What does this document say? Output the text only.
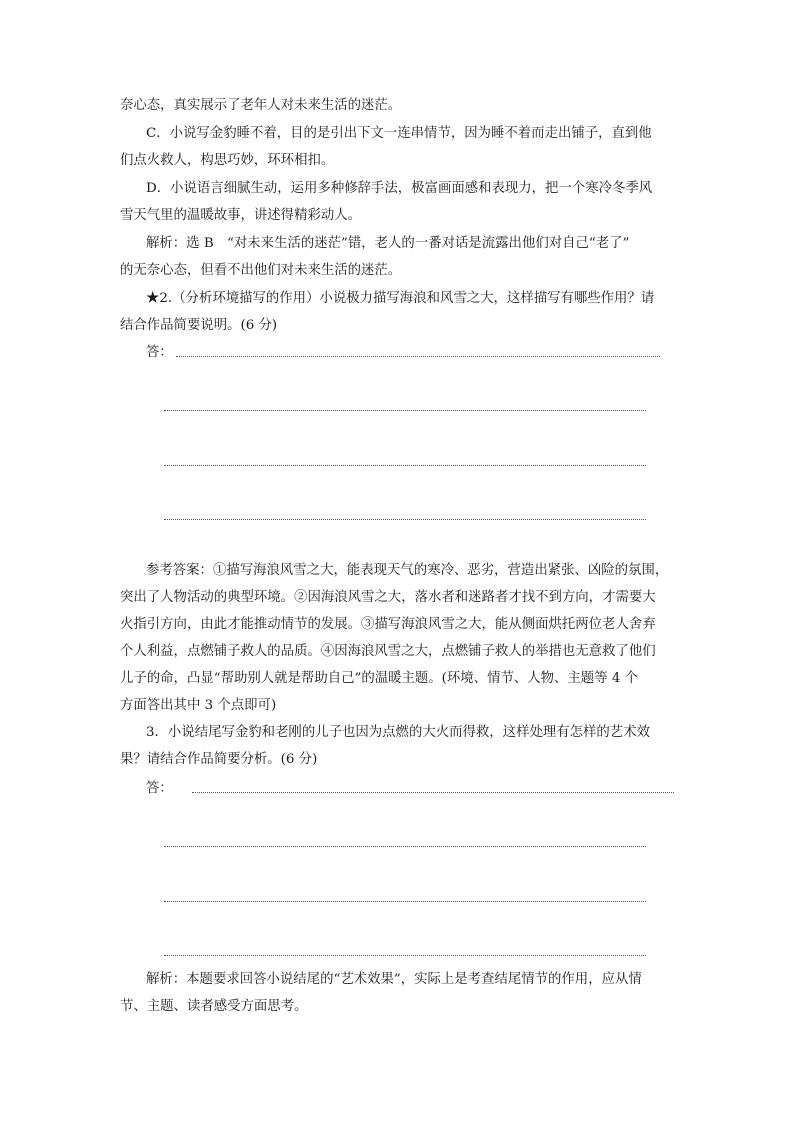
奈心态，真实展示了老年人对未来生活的迷茫。
C．小说写金豹睡不着，目的是引出下文一连串情节，因为睡不着而走出铺子，直到他
们点火救人，构思巧妙，环环相扣。
D．小说语言细腻生动，运用多种修辞手法，极富画面感和表现力，把一个寒冷冬季风
雪天气里的温暖故事，讲述得精彩动人。
解析：选 B　“对未来生活的迷茫”错，老人的一番对话是流露出他们对自己“老了”
的无奈心态，但看不出他们对未来生活的迷茫。
★2.（分析环境描写的作用）小说极力描写海浪和风雪之大，这样描写有哪些作用？请
结合作品简要说明。(6 分)
答：
参考答案：①描写海浪风雪之大，能表现天气的寒冷、恶劣，营造出紧张、凶险的氛围，
突出了人物活动的典型环境。②因海浪风雪之大，落水者和迷路者才找不到方向，才需要大
火指引方向，由此才能推动情节的发展。③描写海浪风雪之大，能从侧面烘托两位老人舍弃
个人利益，点燃铺子救人的品质。④因海浪风雪之大，点燃铺子救人的举措也无意救了他们
儿子的命，凸显“帮助别人就是帮助自己”的温暖主题。(环境、情节、人物、主题等 4 个
方面答出其中 3 个点即可)
3．小说结尾写金豹和老刚的儿子也因为点燃的大火而得救，这样处理有怎样的艺术效
果？请结合作品简要分析。(6 分)
答：
解析：本题要求回答小说结尾的“艺术效果”，实际上是考查结尾情节的作用，应从情
节、主题、读者感受方面思考。
